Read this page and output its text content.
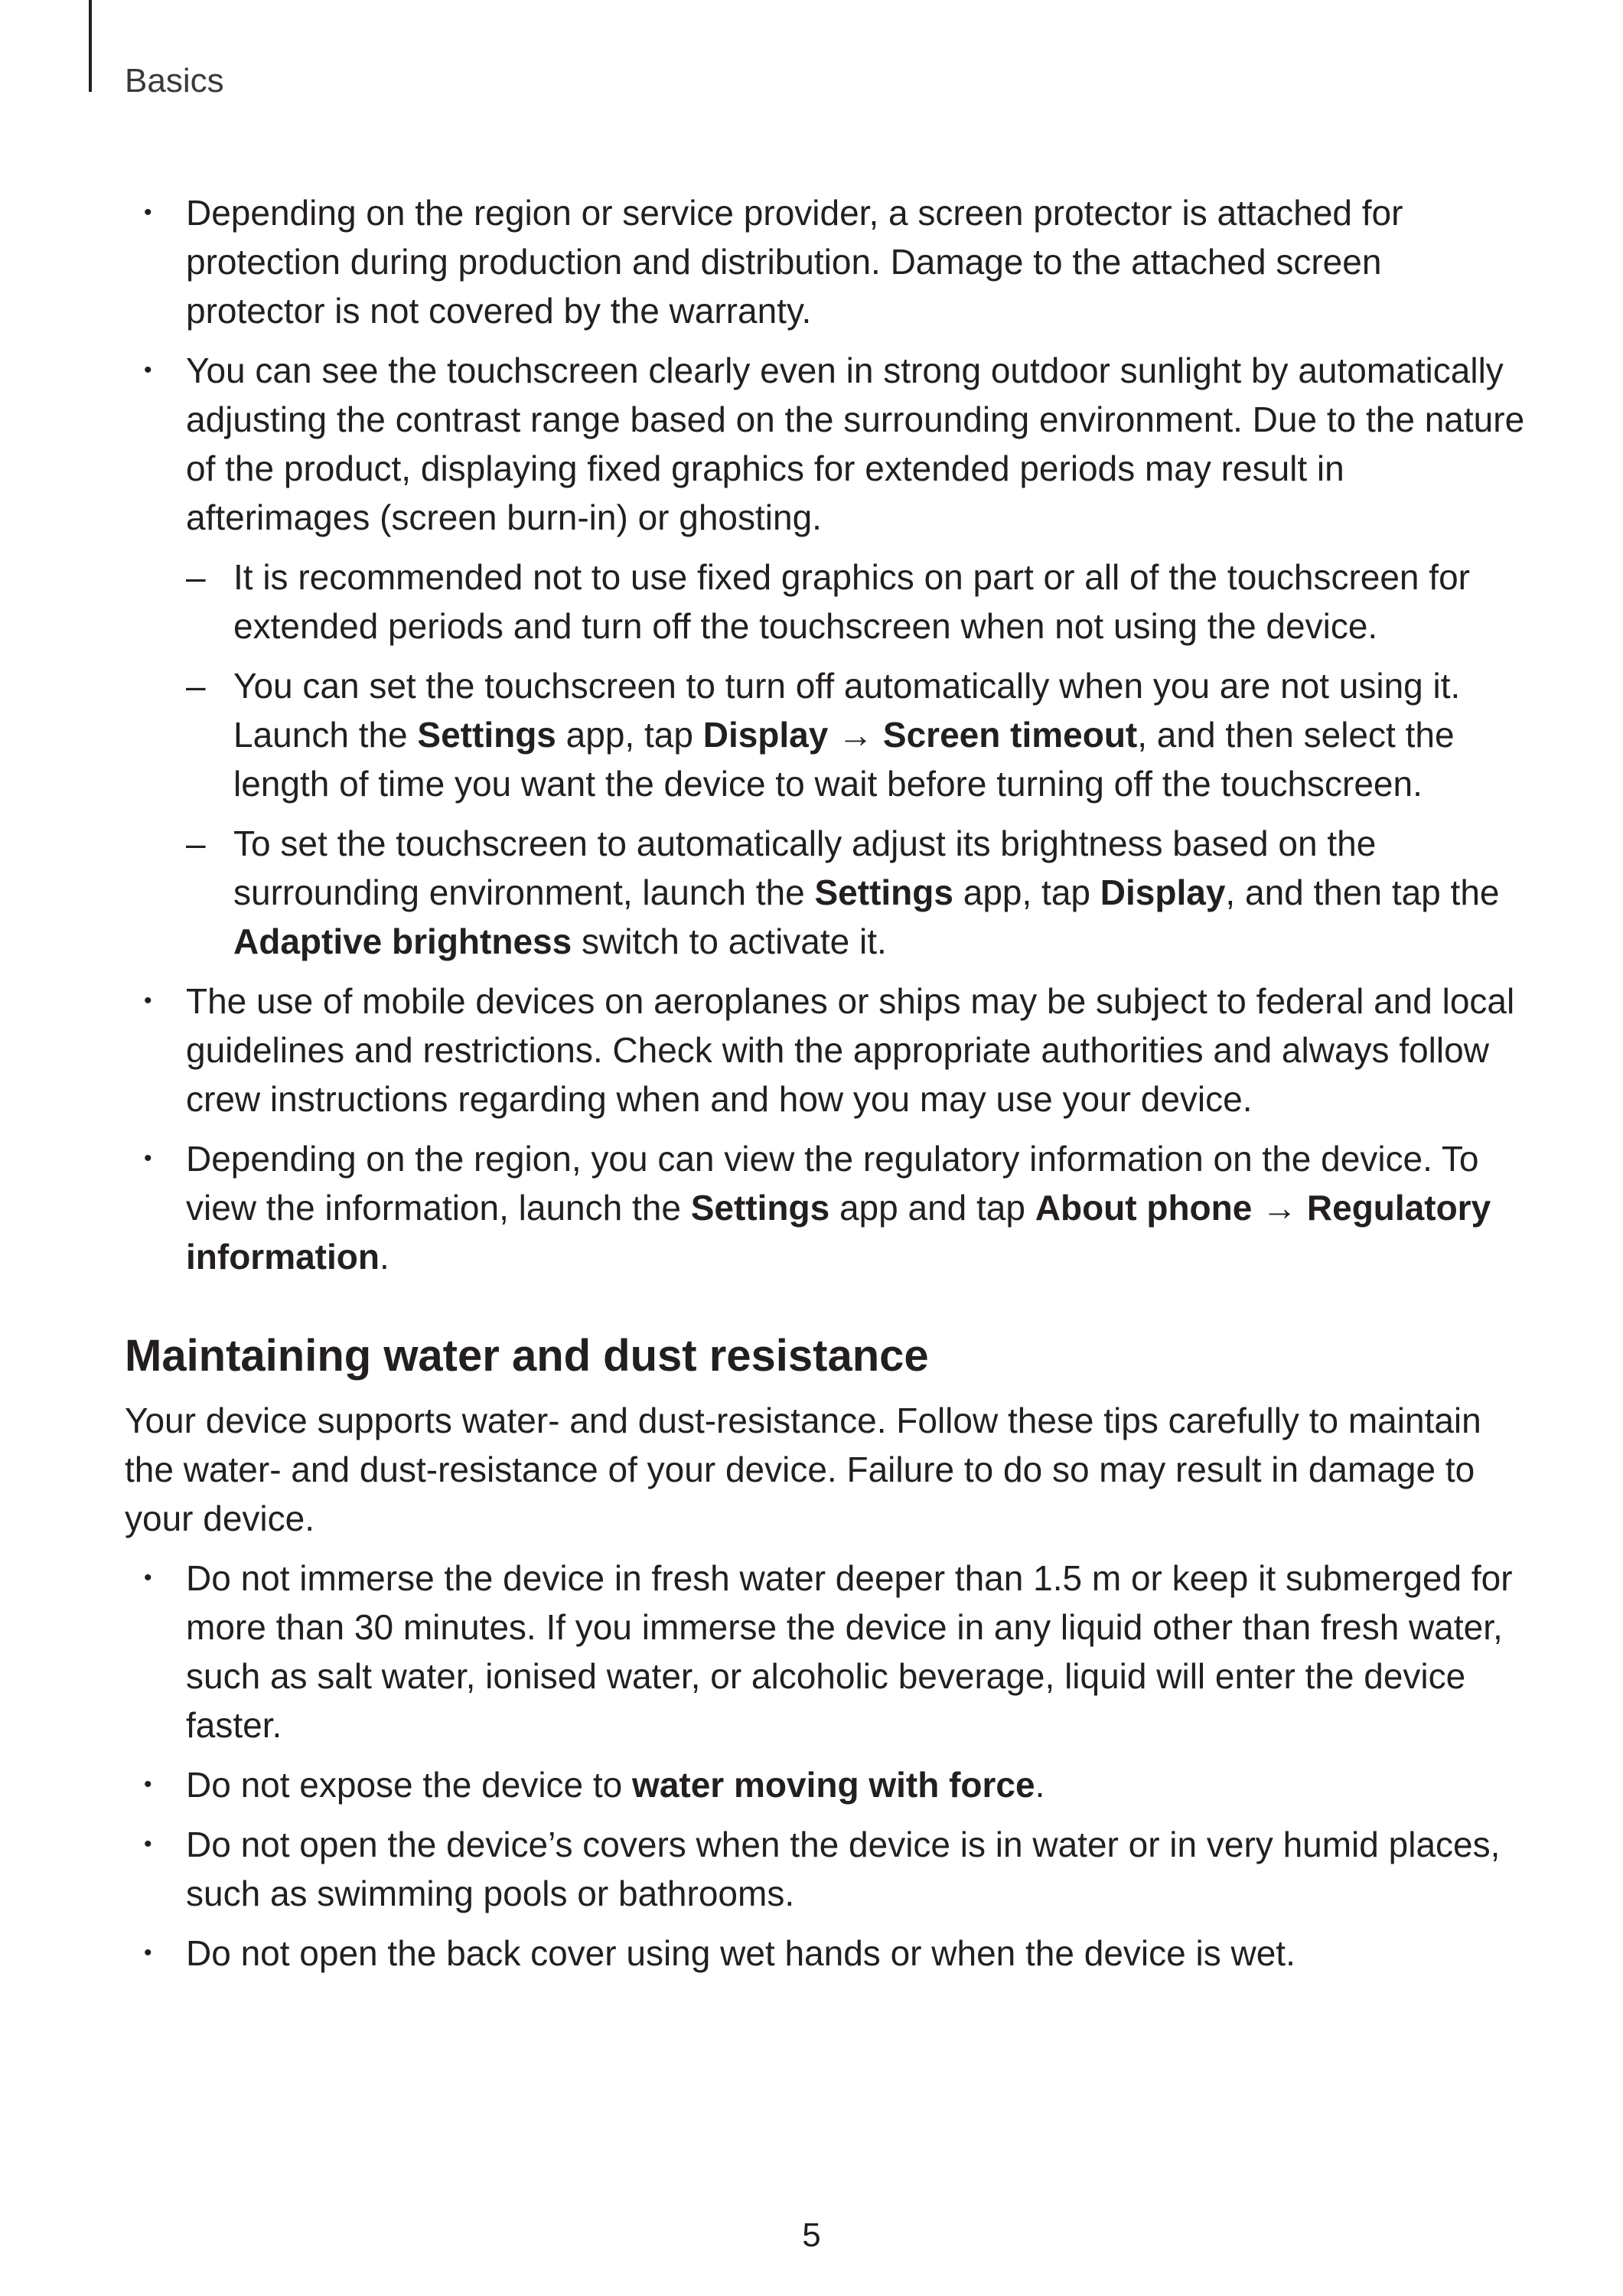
Basics
• Depending on the region or service provider, a screen protector is attached for protection during production and distribution. Damage to the attached screen protector is not covered by the warranty.
• You can see the touchscreen clearly even in strong outdoor sunlight by automatically adjusting the contrast range based on the surrounding environment. Due to the nature of the product, displaying fixed graphics for extended periods may result in afterimages (screen burn-in) or ghosting.
– It is recommended not to use fixed graphics on part or all of the touchscreen for extended periods and turn off the touchscreen when not using the device.
– You can set the touchscreen to turn off automatically when you are not using it. Launch the Settings app, tap Display → Screen timeout, and then select the length of time you want the device to wait before turning off the touchscreen.
– To set the touchscreen to automatically adjust its brightness based on the surrounding environment, launch the Settings app, tap Display, and then tap the Adaptive brightness switch to activate it.
• The use of mobile devices on aeroplanes or ships may be subject to federal and local guidelines and restrictions. Check with the appropriate authorities and always follow crew instructions regarding when and how you may use your device.
• Depending on the region, you can view the regulatory information on the device. To view the information, launch the Settings app and tap About phone → Regulatory information.
Maintaining water and dust resistance

Your device supports water- and dust-resistance. Follow these tips carefully to maintain the water- and dust-resistance of your device. Failure to do so may result in damage to your device.

• Do not immerse the device in fresh water deeper than 1.5 m or keep it submerged for more than 30 minutes. If you immerse the device in any liquid other than fresh water, such as salt water, ionised water, or alcoholic beverage, liquid will enter the device faster.
• Do not expose the device to water moving with force.
• Do not open the device’s covers when the device is in water or in very humid places, such as swimming pools or bathrooms.
• Do not open the back cover using wet hands or when the device is wet.
5
